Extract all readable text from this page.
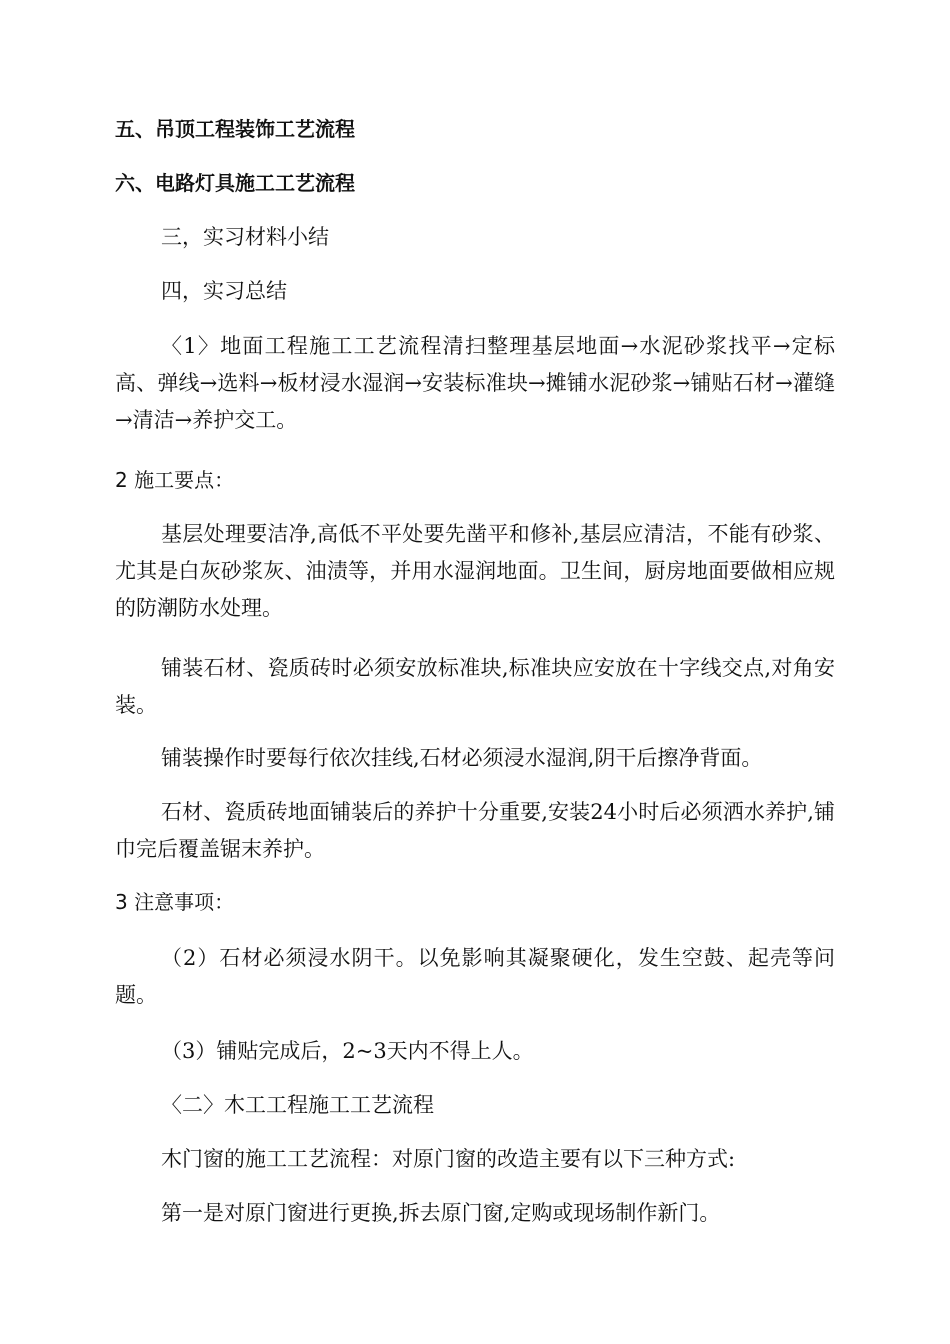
五、吊顶工程装饰工艺流程
六、电路灯具施工工艺流程
三，实习材料小结
四，实习总结
〈1〉地面工程施工工艺流程清扫整理基层地面→水泥砂浆找平→定标高、弹线→选料→板材浸水湿润→安装标准块→摊铺水泥砂浆→铺贴石材→灌缝→清洁→养护交工。
2 施工要点：
基层处理要洁净,高低不平处要先凿平和修补,基层应清洁，不能有砂浆、尤其是白灰砂浆灰、油渍等，并用水湿润地面。卫生间，厨房地面要做相应规的防潮防水处理。
铺装石材、瓷质砖时必须安放标准块,标准块应安放在十字线交点,对角安装。
铺装操作时要每行依次挂线,石材必须浸水湿润,阴干后擦净背面。
石材、瓷质砖地面铺装后的养护十分重要,安装24小时后必须洒水养护,铺巾完后覆盖锯末养护。
3 注意事项：
（2）石材必须浸水阴干。以免影响其凝聚硬化，发生空鼓、起壳等问题。
（3）铺贴完成后，2~3天内不得上人。
〈二〉木工工程施工工艺流程
木门窗的施工工艺流程：对原门窗的改造主要有以下三种方式:
第一是对原门窗进行更换,拆去原门窗,定购或现场制作新门。
